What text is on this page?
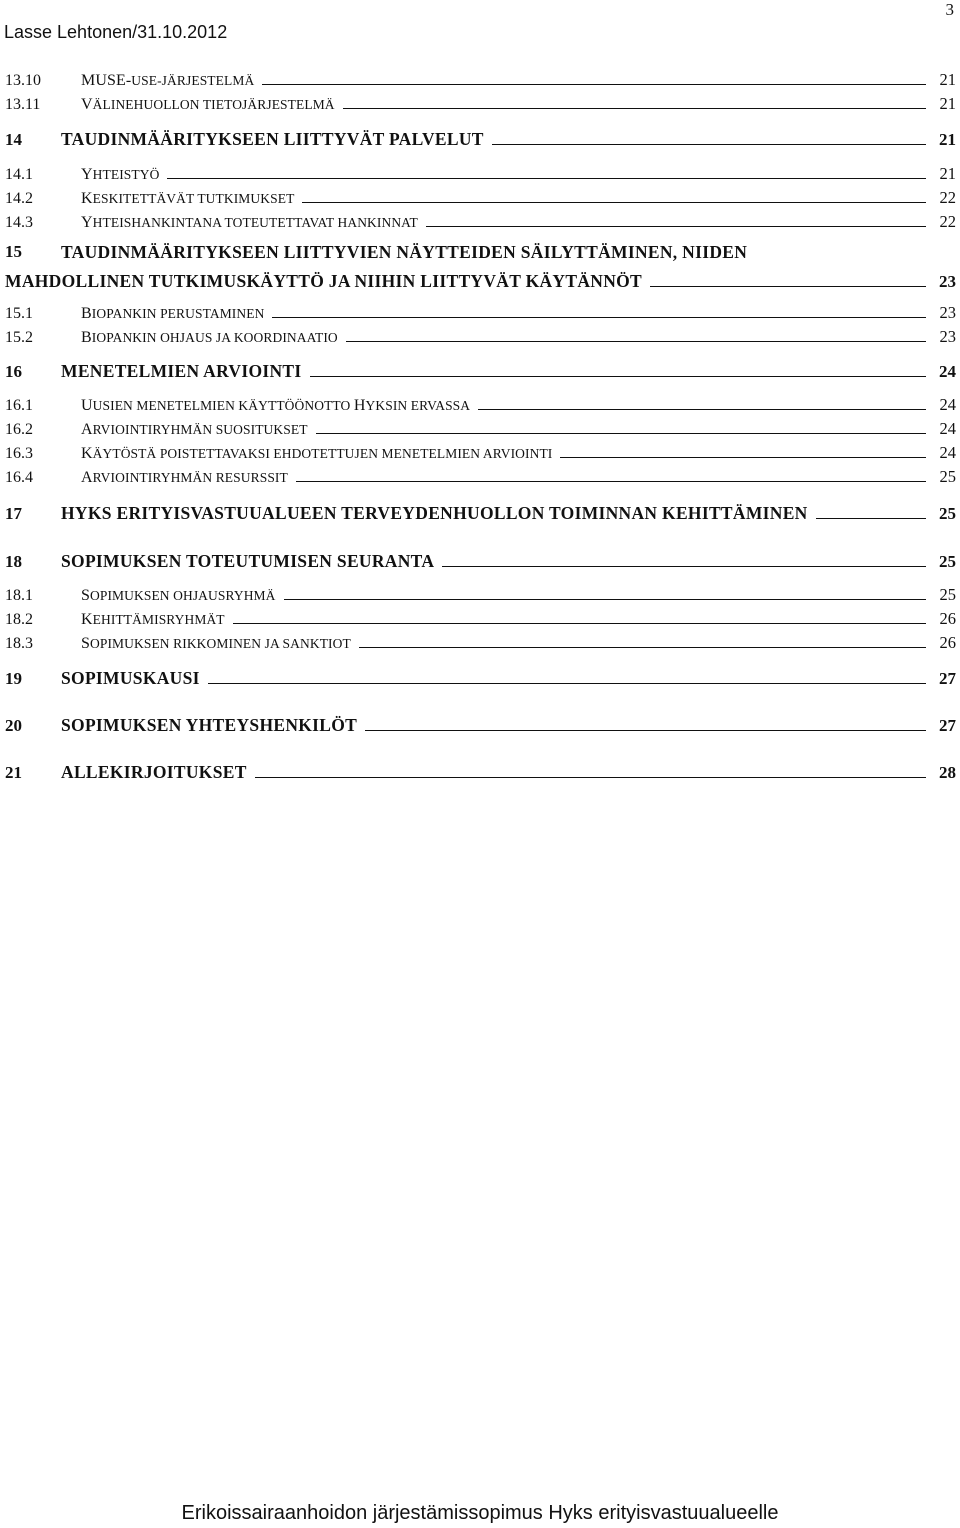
Lasse Lehtonen/31.10.2012
3
13.10	MUSE-USE-JÄRJESTELMÄ	21
13.11	VÄLINEHUOLLON TIETOJÄRJESTELMÄ	21
14	TAUDINMÄÄRITYKSEEN LIITTYVÄT PALVELUT	21
14.1	YHTEISTYÖ	21
14.2	KESKITETTÄVÄT TUTKIMUKSET	22
14.3	YHTEISHANKINTANA TOTEUTETTAVAT HANKINNAT	22
15	TAUDINMÄÄRITYKSEEN LIITTYVIEN NÄYTTEIDEN SÄILYTTÄMINEN, NIIDEN
MAHDOLLINEN TUTKIMUSKÄYTTÖ JA NIIHIN LIITTYVÄT KÄYTÄNNÖT	23
15.1	BIOPANKIN PERUSTAMINEN	23
15.2	BIOPANKIN OHJAUS JA KOORDINAATIO	23
16	MENETELMIEN ARVIOINTI	24
16.1	UUSIEN MENETELMIEN KÄYTTÖÖNOTTO HYKSIN ERVASSA	24
16.2	ARVIOINTIRYHMÄN SUOSITUKSET	24
16.3	KÄYTÖSTÄ POISTETTAVAKSI EHDOTETTUJEN MENETELMIEN ARVIOINTI	24
16.4	ARVIOINTIRYHMÄN RESURSSIT	25
17	HYKS ERITYISVASTUUALUEEN TERVEYDENHUOLLON TOIMINNAN KEHITTÄMINEN	25
18	SOPIMUKSEN TOTEUTUMISEN SEURANTA	25
18.1	SOPIMUKSEN OHJAUSRYHMÄ	25
18.2	KEHITTÄMISRYHMÄT	26
18.3	SOPIMUKSEN RIKKOMINEN JA SANKTIOT	26
19	SOPIMUSKAUSI	27
20	SOPIMUKSEN YHTEYSHENKILÖT	27
21	ALLEKIRJOITUKSET	28
Erikoissairaanhoidon järjestämissopimus Hyks erityisvastuualueelle
